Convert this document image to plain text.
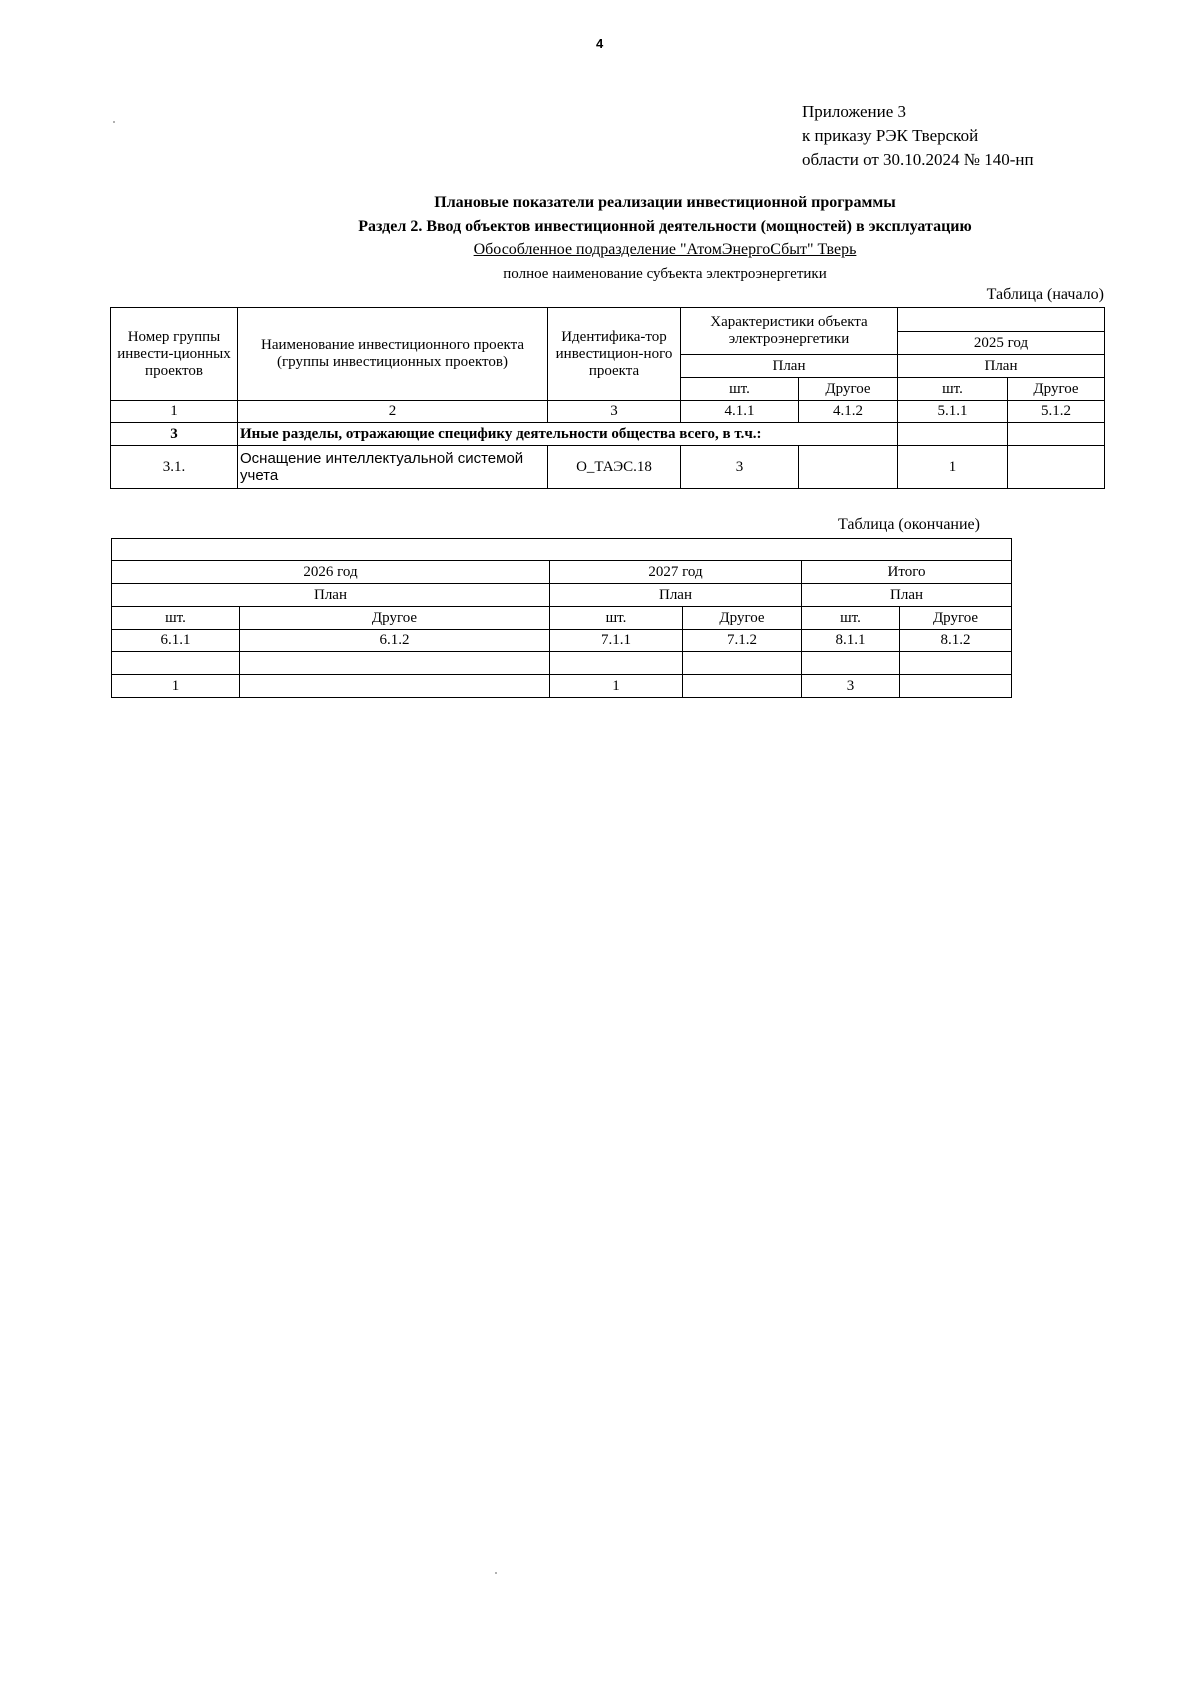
4
Приложение 3
к приказу РЭК Тверской
области от 30.10.2024 № 140-нп
Плановые показатели реализации инвестиционной программы
Раздел 2. Ввод объектов инвестиционной деятельности (мощностей) в эксплуатацию
Обособленное подразделение "АтомЭнергоСбыт" Тверь
полное наименование субъекта электроэнергетики
Таблица (начало)
Номер группы инвести-ционных проектов	Наименование инвестиционного проекта (группы инвестиционных проектов)	Идентифика-тор инвестицион-ного проекта	Характеристики объекта электроэнергетики			
					2025 год	
			План		План	
			шт.	Другое	шт.	Другое
1	2	3	4.1.1	4.1.2	5.1.1	5.1.2
3	Иные разделы, отражающие специфику деятельности общества всего, в т.ч.:					
3.1.	Оснащение интеллектуальной системой учета	О_ТАЭС.18	3		1	
Таблица (окончание)

2026 год		2027 год		Итого	
План		План		План	
шт.	Другое	шт.	Другое	шт.	Другое
6.1.1	6.1.2	7.1.1	7.1.2	8.1.1	8.1.2

1		1		3	
